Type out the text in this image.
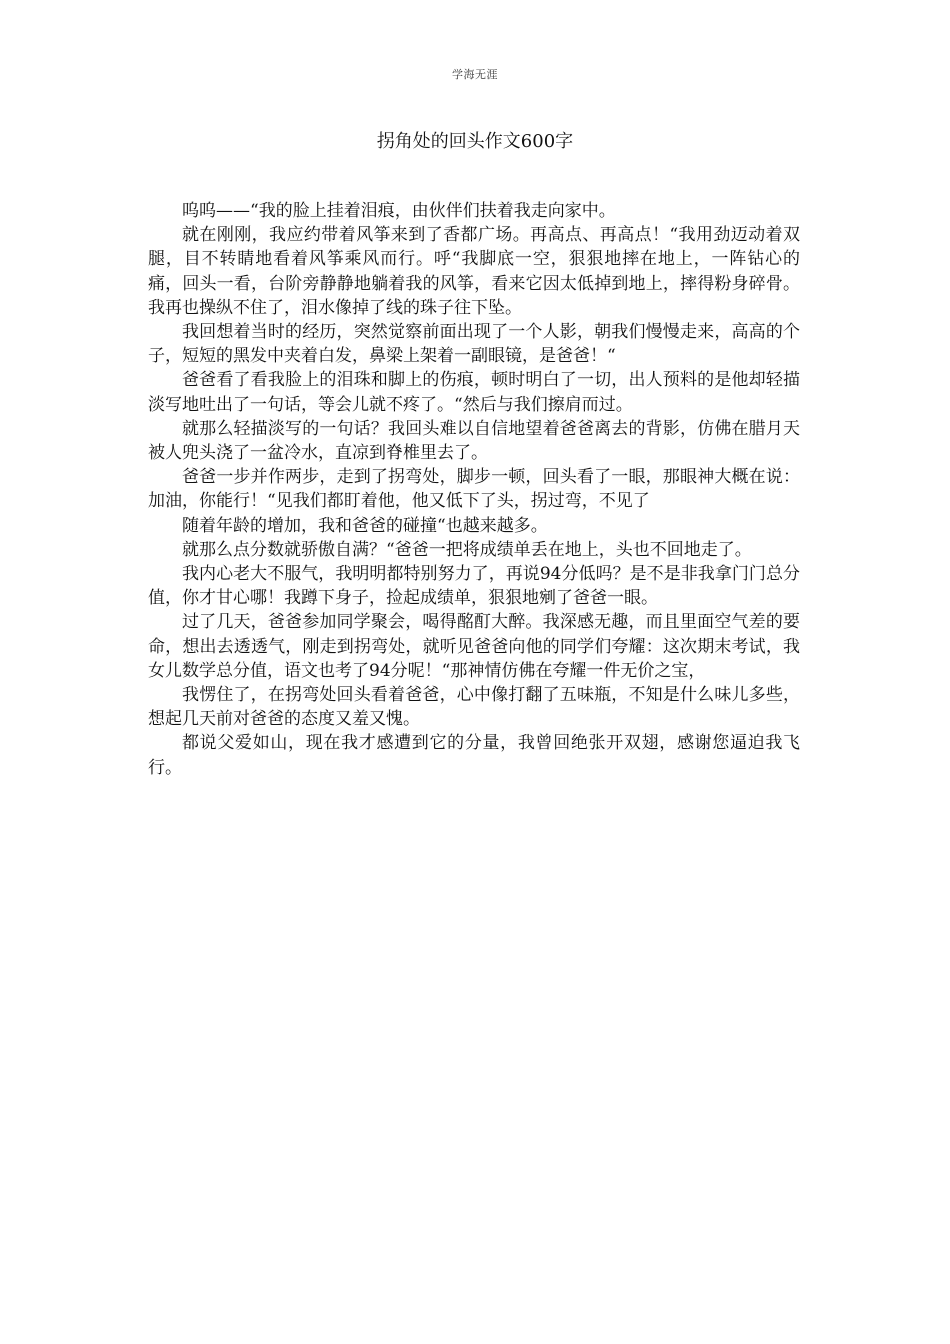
学海无涯
拐角处的回头作文600字

呜呜——“我的脸上挂着泪痕，由伙伴们扶着我走向家中。

就在刚刚，我应约带着风筝来到了香都广场。再高点、再高点！“我用劲迈动着双腿，目不转睛地看着风筝乘风而行。呼“我脚底一空，狠狠地摔在地上，一阵钻心的痛，回头一看，台阶旁静静地躺着我的风筝，看来它因太低掉到地上，摔得粉身碎骨。我再也操纵不住了，泪水像掉了线的珠子往下坠。

我回想着当时的经历，突然觉察前面出现了一个人影，朝我们慢慢走来，高高的个子，短短的黑发中夹着白发，鼻梁上架着一副眼镜，是爸爸！“

爸爸看了看我脸上的泪珠和脚上的伤痕，顿时明白了一切，出人预料的是他却轻描淡写地吐出了一句话，等会儿就不疼了。“然后与我们擦肩而过。

就那么轻描淡写的一句话？我回头难以自信地望着爸爸离去的背影，仿佛在腊月天被人兜头浇了一盆冷水，直凉到脊椎里去了。

爸爸一步并作两步，走到了拐弯处，脚步一顿，回头看了一眼，那眼神大概在说：加油，你能行！“见我们都盯着他，他又低下了头，拐过弯，不见了

随着年龄的增加，我和爸爸的碰撞“也越来越多。

就那么点分数就骄傲自满？“爸爸一把将成绩单丢在地上，头也不回地走了。

我内心老大不服气，我明明都特别努力了，再说94分低吗？是不是非我拿门门总分值，你才甘心哪！我蹲下身子，捡起成绩单，狠狠地剜了爸爸一眼。

过了几天，爸爸参加同学聚会，喝得酩酊大醉。我深感无趣，而且里面空气差的要命，想出去透透气，刚走到拐弯处，就听见爸爸向他的同学们夸耀：这次期末考试，我女儿数学总分值，语文也考了94分呢！“那神情仿佛在夸耀一件无价之宝，

我愣住了，在拐弯处回头看着爸爸，心中像打翻了五味瓶，不知是什么味儿多些，想起几天前对爸爸的态度又羞又愧。

都说父爱如山，现在我才感遭到它的分量，我曾回绝张开双翅，感谢您逼迫我飞行。
